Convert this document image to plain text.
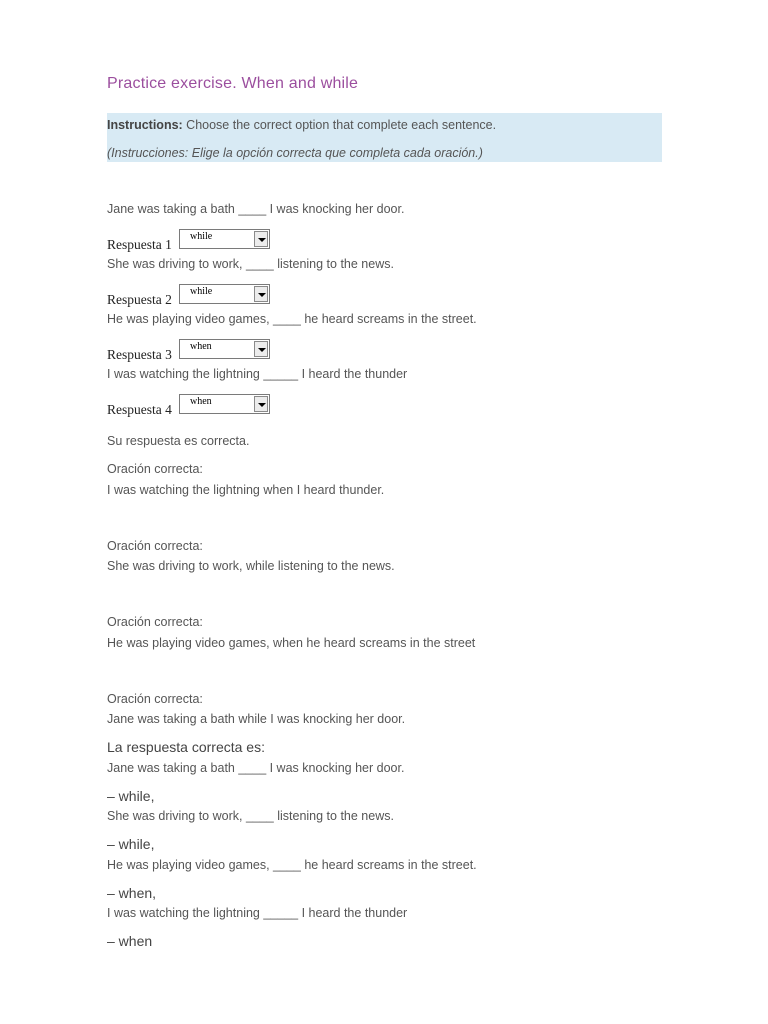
Practice exercise. When and while
Instructions: Choose the correct option that complete each sentence.
(Instrucciones: Elige la opción correcta que completa cada oración.)
Jane was taking a bath ____ I was knocking her door.
Respuesta 1
while
She was driving to work, ____ listening to the news.
Respuesta 2
while
He was playing video games, ____ he heard screams in the street.
Respuesta 3
when
I was watching the lightning _____ I heard the thunder
Respuesta 4
when
Su respuesta es correcta.
Oración correcta:
I was watching the lightning when I heard thunder.
Oración correcta:
She was driving to work, while listening to the news.
Oración correcta:
He was playing video games, when he heard screams in the street
Oración correcta:
Jane was taking a bath while I was knocking her door.
La respuesta correcta es:
Jane was taking a bath ____ I was knocking her door.
– while,
She was driving to work, ____ listening to the news.
– while,
He was playing video games, ____ he heard screams in the street.
– when,
I was watching the lightning _____ I heard the thunder
– when
